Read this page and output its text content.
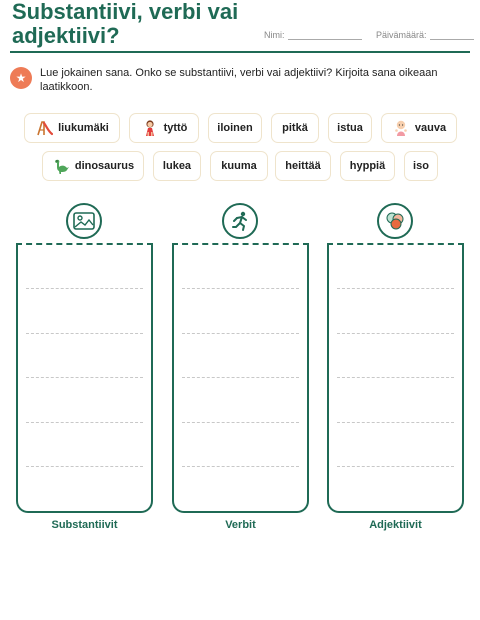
Substantiivi, verbi vai adjektiivi?	Nimi:	Päivämäärä:
★	Lue jokainen sana. Onko se substantiivi, verbi vai adjektiivi? Kirjoita sana oikeaan laatikkoon.
liukumäki	tyttö	iloinen	pitkä	istua	vauva
dinosaurus	lukea	kuuma	heittää	hyppiä	iso
Substantiivit	Verbit	Adjektiivit
